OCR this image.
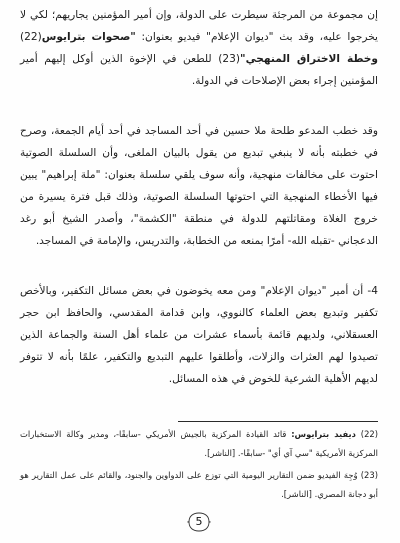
إن مجموعة من المرجئة سيطرت على الدولة، وإن أمير المؤمنين يجاريهم؛ لكي لا يخرجوا عليه، وقد بث "ديوان الإعلام" فيديو بعنوان: "صحوات بترايوس(22) وخطة الاختراق المنهجي"(23) للطعن في الإخوة الذين أوكل إليهم أمير المؤمنين إجراء بعض الإصلاحات في الدولة.

وقد خطب المدعو طلحة ملا حسين في أحد المساجد في أحد أيام الجمعة، وصرح في خطبته بأنه لا ينبغي تبديع من يقول بالبيان الملغى، وأن السلسلة الصوتية احتوت على مخالفات منهجية، وأنه سوف يلقي سلسلة بعنوان: "ملة إبراهيم" يبين فيها الأخطاء المنهجية التي احتوتها السلسلة الصوتية، وذلك قبل فترة يسيرة من خروج الغلاة ومقاتلتهم للدولة في منطقة "الكشمة"، وأصدر الشيخ أبو رغد الدعجاني -تقبله الله- أمرًا بمنعه من الخطابة، والتدريس، والإمامة في المساجد.

4- أن أمير "ديوان الإعلام" ومن معه يخوضون في بعض مسائل التكفير، وبالأخص تكفير وتبديع بعض العلماء كالنووي، وابن قدامة المقدسي، والحافظ ابن حجر العسقلاني، ولديهم قائمة بأسماء عشرات من علماء أهل السنة والجماعة الذين تصيدوا لهم العثرات والزلات، وأطلقوا عليهم التبديع والتكفير، علمًا بأنه لا تتوفر لديهم الأهلية الشرعية للخوض في هذه المسائل.

(22) ديفيد بترايوس: قائد القيادة المركزية بالجيش الأمريكي -سابقًا-، ومدير وكالة الاستخبارات المركزية الأمريكية "سي آي أي" -سابقًا-. [الناشر].

(23) وُجِهَ الفيديو ضمن التقارير اليومية التي توزع على الدواوين والجنود، والقائم على عمل التقارير هو أبو دجانة المصري. [الناشر].

5
